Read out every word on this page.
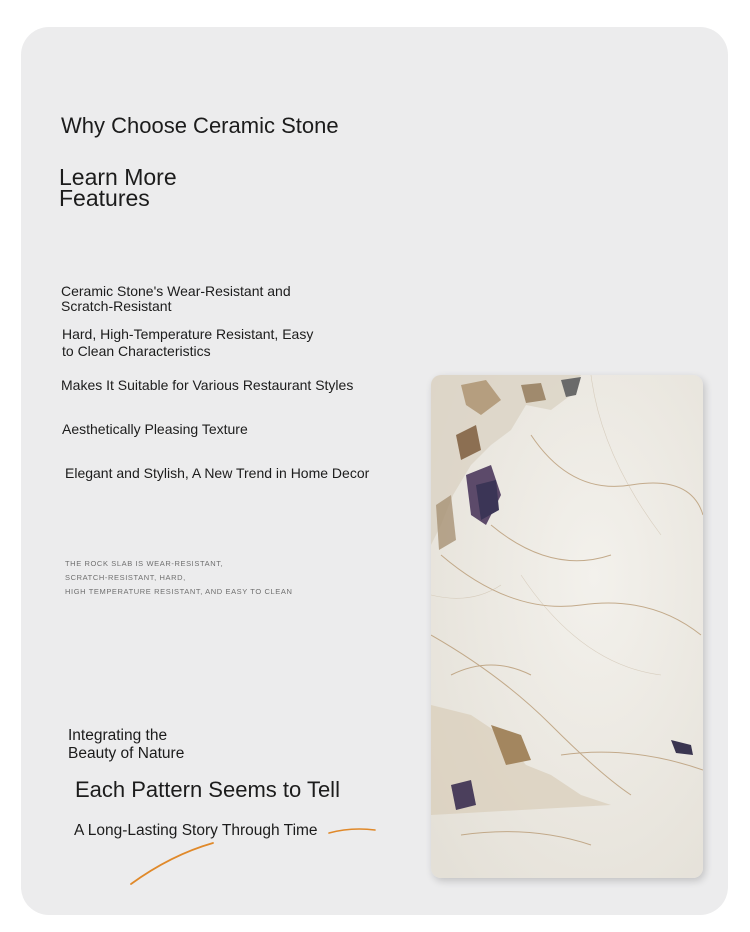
Why Choose Ceramic Stone
Learn More
Features
Ceramic Stone's Wear-Resistant and
Scratch-Resistant
Hard, High-Temperature Resistant, Easy
to Clean Characteristics
Makes It Suitable for Various Restaurant Styles
Aesthetically Pleasing Texture
Elegant and Stylish, A New Trend in Home Decor
THE ROCK SLAB IS WEAR-RESISTANT,
SCRATCH-RESISTANT, HARD,
HIGH TEMPERATURE RESISTANT, AND EASY TO CLEAN
Integrating the
Beauty of Nature
Each Pattern Seems to Tell
A Long-Lasting Story Through Time
